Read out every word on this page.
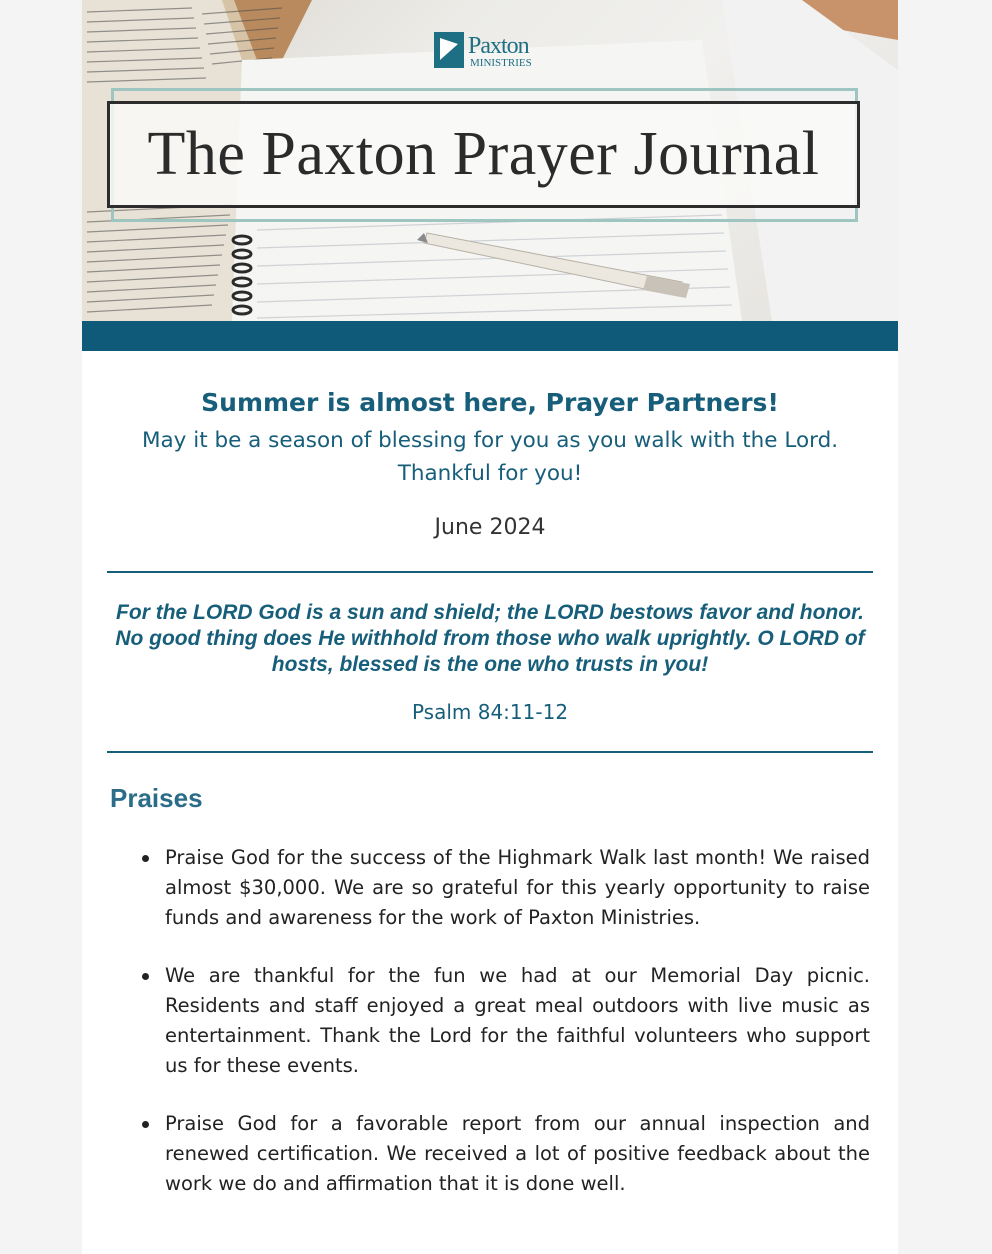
Paxton
MINISTRIES
The Paxton Prayer Journal
Summer is almost here, Prayer Partners!
May it be a season of blessing for you as you walk with the Lord. Thankful for you!
June 2024
For the LORD God is a sun and shield; the LORD bestows favor and honor. No good thing does He withhold from those who walk uprightly. O LORD of hosts, blessed is the one who trusts in you!
Psalm 84:11-12
Praises
Praise God for the success of the Highmark Walk last month! We raised almost $30,000. We are so grateful for this yearly opportunity to raise funds and awareness for the work of Paxton Ministries.
We are thankful for the fun we had at our Memorial Day picnic. Residents and staff enjoyed a great meal outdoors with live music as entertainment. Thank the Lord for the faithful volunteers who support us for these events.
Praise God for a favorable report from our annual inspection and renewed certification. We received a lot of positive feedback about the work we do and affirmation that it is done well.
